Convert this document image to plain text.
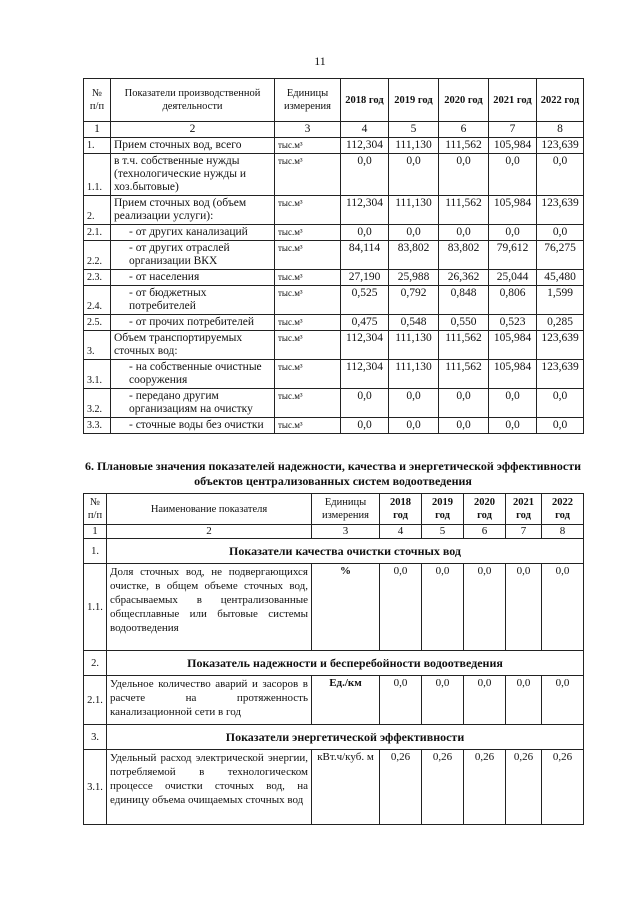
11
№ п/п	Показатели производственной деятельности	Единицы измерения	2018 год	2019 год	2020 год	2021 год	2022 год
1	2	3	4	5	6	7	8
1.	Прием сточных вод, всего	тыс.м³	112,304	111,130	111,562	105,984	123,639
1.1.	в т.ч. собственные нужды (технологические нужды и хоз.бытовые)	тыс.м³	0,0	0,0	0,0	0,0	0,0
2.	Прием сточных вод (объем реализации услуги):	тыс.м³	112,304	111,130	111,562	105,984	123,639
2.1.	- от других канализаций	тыс.м³	0,0	0,0	0,0	0,0	0,0
2.2.	- от других отраслей организации ВКХ	тыс.м³	84,114	83,802	83,802	79,612	76,275
2.3.	- от населения	тыс.м³	27,190	25,988	26,362	25,044	45,480
2.4.	- от бюджетных потребителей	тыс.м³	0,525	0,792	0,848	0,806	1,599
2.5.	- от прочих потребителей	тыс.м³	0,475	0,548	0,550	0,523	0,285
3.	Объем транспортируемых сточных вод:	тыс.м³	112,304	111,130	111,562	105,984	123,639
3.1.	- на собственные очистные сооружения	тыс.м³	112,304	111,130	111,562	105,984	123,639
3.2.	- передано другим организациям на очистку	тыс.м³	0,0	0,0	0,0	0,0	0,0
3.3.	- сточные воды без очистки	тыс.м³	0,0	0,0	0,0	0,0	0,0
6. Плановые значения показателей надежности, качества и энергетической эффективности объектов централизованных систем водоотведения
№ п/п	Наименование показателя	Единицы измерения	2018 год	2019 год	2020 год	2021 год	2022 год
1	2	3	4	5	6	7	8
1.	Показатели качества очистки сточных вод						
1.1.	Доля сточных вод, не подвергающихся очистке, в общем объеме сточных вод, сбрасываемых в централизованные общесплавные или бытовые системы водоотведения	%	0,0	0,0	0,0	0,0	0,0
2.	Показатель надежности и бесперебойности водоотведения						
2.1.	Удельное количество аварий и засоров в расчете на протяженность канализационной сети в год	Ед./км	0,0	0,0	0,0	0,0	0,0
3.	Показатели энергетической эффективности						
3.1.	Удельный расход электрической энергии, потребляемой в технологическом процессе очистки сточных вод, на единицу объема очищаемых сточных вод	кВт.ч/куб. м	0,26	0,26	0,26	0,26	0,26
